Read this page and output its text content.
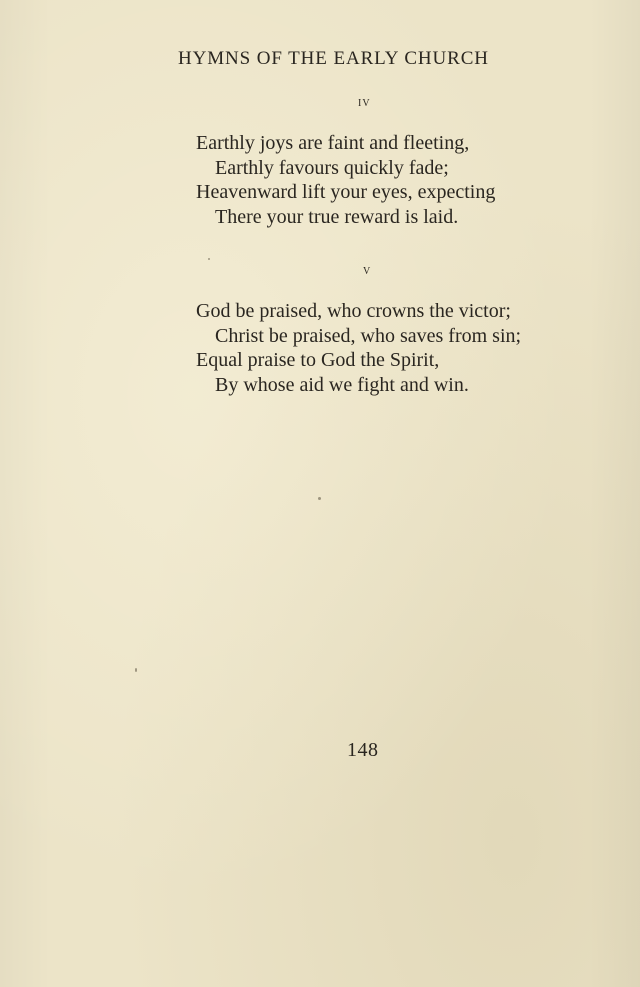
HYMNS OF THE EARLY CHURCH
iv
Earthly joys are faint and fleeting,
Earthly favours quickly fade;
Heavenward lift your eyes, expecting
There your true reward is laid.
v
God be praised, who crowns the victor;
Christ be praised, who saves from sin;
Equal praise to God the Spirit,
By whose aid we fight and win.
148
